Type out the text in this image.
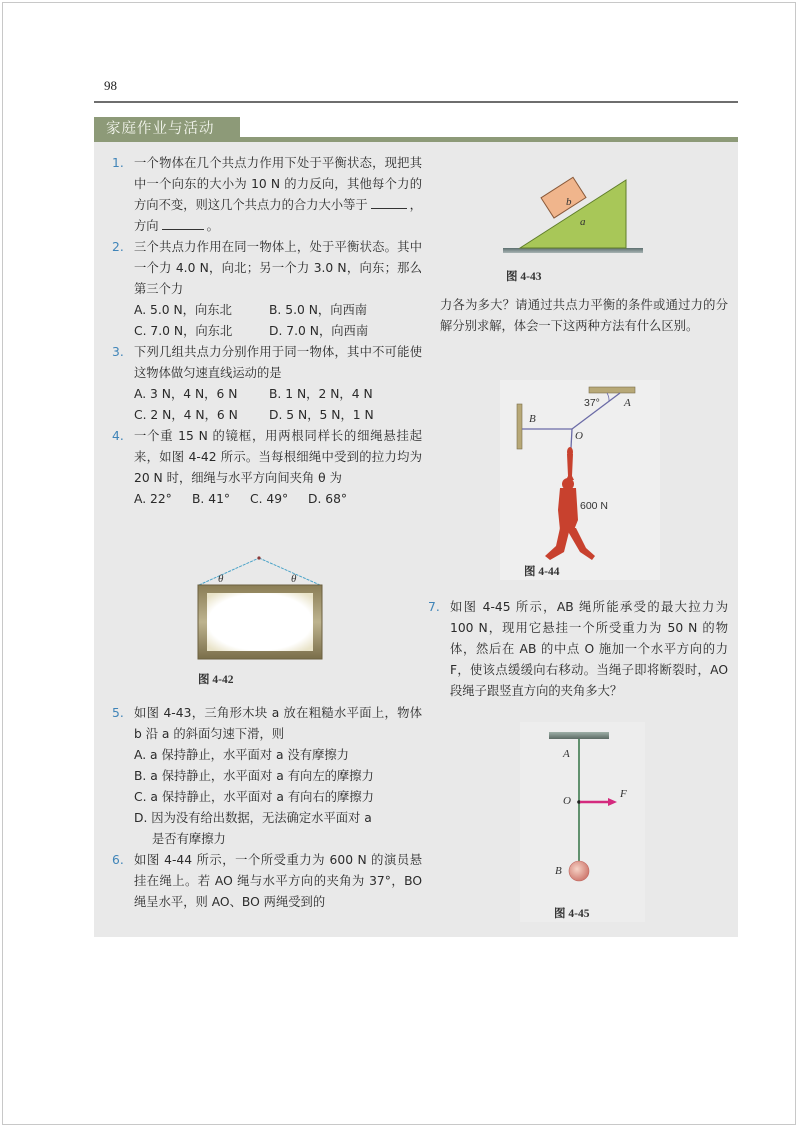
98
家庭作业与活动
1. 一个物体在几个共点力作用下处于平衡状态，现把其中一个向东的大小为 10 N 的力反向，其他每个力的方向不变，则这几个共点力的合力大小等于	，方向	。
2. 三个共点力作用在同一物体上，处于平衡状态。其中一个力 4.0 N，向北；另一个力 3.0 N，向东；那么第三个力
A. 5.0 N，向东北	B. 5.0 N，向西南
C. 7.0 N，向东北	D. 7.0 N，向西南
3. 下列几组共点力分别作用于同一物体，其中不可能使这物体做匀速直线运动的是
A. 3 N，4 N，6 N	B. 1 N，2 N，4 N
C. 2 N，4 N，6 N	D. 5 N，5 N，1 N
4. 一个重 15 N 的镜框，用两根同样长的细绳悬挂起来，如图 4-42 所示。当每根细绳中受到的拉力均为 20 N 时，细绳与水平方向间夹角 θ 为
A. 22°	B. 41°	C. 49°	D. 68°
θ	θ
图 4-42
5. 如图 4-43，三角形木块 a 放在粗糙水平面上，物体 b 沿 a 的斜面匀速下滑，则
A. a 保持静止，水平面对 a 没有摩擦力
B. a 保持静止，水平面对 a 有向左的摩擦力
C. a 保持静止，水平面对 a 有向右的摩擦力
D. 因为没有给出数据，无法确定水平面对 a
是否有摩擦力
6. 如图 4-44 所示，一个所受重力为 600 N 的演员悬挂在绳上。若 AO 绳与水平方向的夹角为 37°，BO 绳呈水平，则 AO、BO 两绳受到的
b
a
图 4-43
力各为多大？请通过共点力平衡的条件或通过力的分解分别求解，体会一下这两种方法有什么区别。
37° A
B
O
600 N
图 4-44
7. 如图 4-45 所示，AB 绳所能承受的最大拉力为 100 N，现用它悬挂一个所受重力为 50 N 的物体，然后在 AB 的中点 O 施加一个水平方向的力 F，使该点缓缓向右移动。当绳子即将断裂时，AO 段绳子跟竖直方向的夹角多大？
A
O
F
B
图 4-45
